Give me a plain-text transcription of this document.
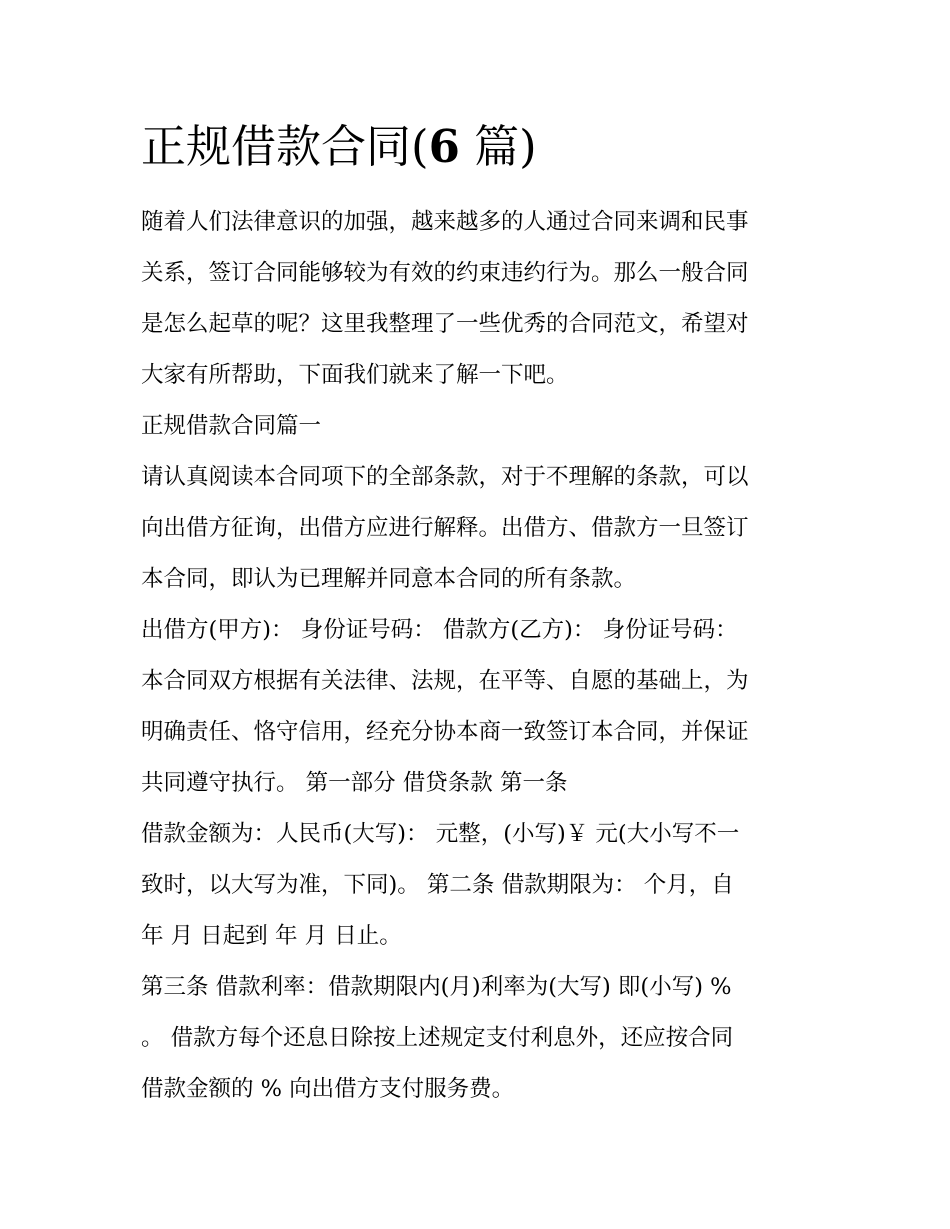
正规借款合同(6 篇)
随着人们法律意识的加强，越来越多的人通过合同来调和民事
关系，签订合同能够较为有效的约束违约行为。那么一般合同
是怎么起草的呢？这里我整理了一些优秀的合同范文，希望对
大家有所帮助，下面我们就来了解一下吧。
正规借款合同篇一
请认真阅读本合同项下的全部条款，对于不理解的条款，可以
向出借方征询，出借方应进行解释。出借方、借款方一旦签订
本合同，即认为已理解并同意本合同的所有条款。
出借方(甲方)： 身份证号码： 借款方(乙方)： 身份证号码：
本合同双方根据有关法律、法规，在平等、自愿的基础上，为
明确责任、恪守信用，经充分协本商一致签订本合同，并保证
共同遵守执行。 第一部分 借贷条款 第一条
借款金额为：人民币(大写)： 元整，(小写)￥ 元(大小写不一
致时，以大写为准，下同)。 第二条 借款期限为： 个月，自
年 月 日起到 年 月 日止。
第三条 借款利率：借款期限内(月)利率为(大写) 即(小写) %
。 借款方每个还息日除按上述规定支付利息外，还应按合同
借款金额的 % 向出借方支付服务费。
